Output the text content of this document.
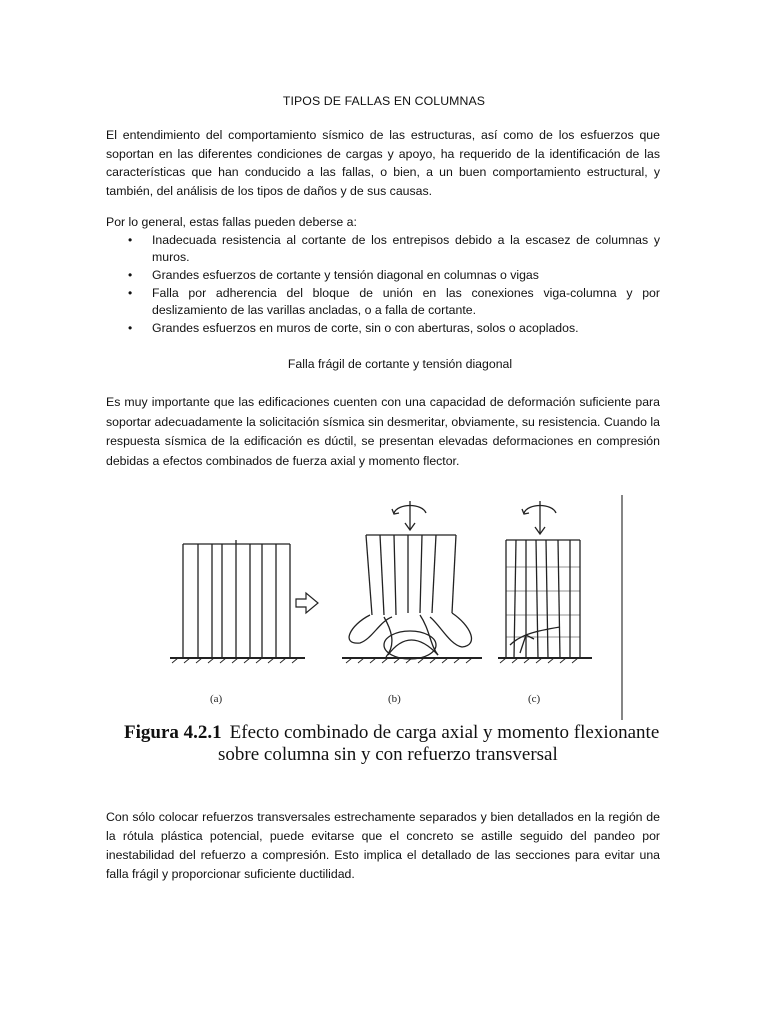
TIPOS DE FALLAS EN COLUMNAS

El entendimiento del comportamiento sísmico de las estructuras, así como de los esfuerzos que soportan en las diferentes condiciones de cargas y apoyo, ha requerido de la identificación de las características que han conducido a las fallas, o bien, a un buen comportamiento estructural, y también, del análisis de los tipos de daños y de sus causas.

Por lo general, estas fallas pueden deberse a:
• Inadecuada resistencia al cortante de los entrepisos debido a la escasez de columnas y muros.
• Grandes esfuerzos de cortante y tensión diagonal en columnas o vigas
• Falla por adherencia del bloque de unión en las conexiones viga-columna y por deslizamiento de las varillas ancladas, o a falla de cortante.
• Grandes esfuerzos en muros de corte, sin o con aberturas, solos o acoplados.
Falla frágil de cortante y tensión diagonal
Es muy importante que las edificaciones cuenten con una capacidad de deformación suficiente para soportar adecuadamente la solicitación sísmica sin desmeritar, obviamente, su resistencia. Cuando la respuesta sísmica de la edificación es dúctil, se presentan elevadas deformaciones en compresión debidas a efectos combinados de fuerza axial y momento flector.
(a)	(b)	(c)
Figura 4.2.1 Efecto combinado de carga axial y momento flexionante
sobre columna sin y con refuerzo transversal
Con sólo colocar refuerzos transversales estrechamente separados y bien detallados en la región de la rótula plástica potencial, puede evitarse que el concreto se astille seguido del pandeo por inestabilidad del refuerzo a compresión. Esto implica el detallado de las secciones para evitar una falla frágil y proporcionar suficiente ductilidad.
